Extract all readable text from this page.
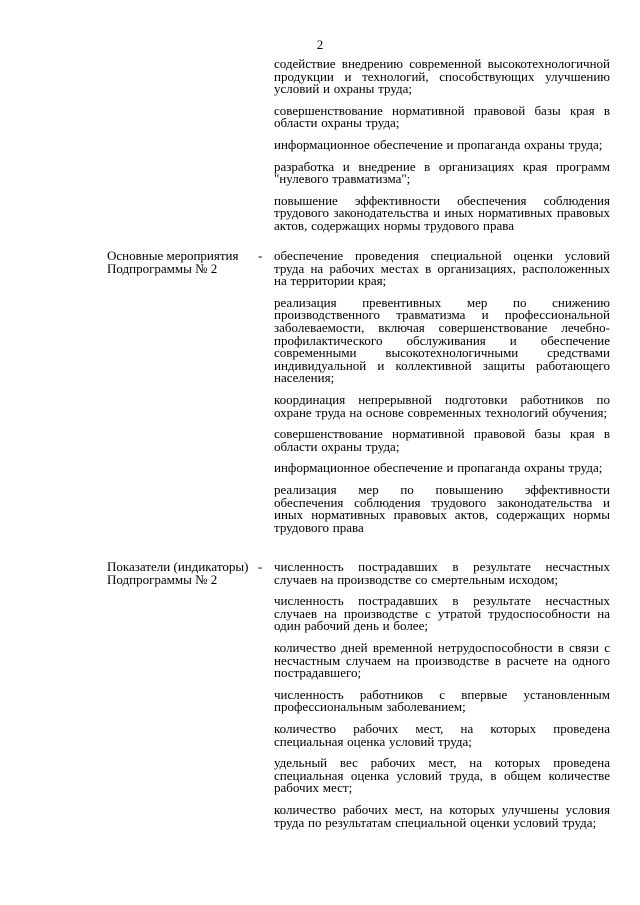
2

содействие внедрению современной высокотехнологичной продукции и технологий, способствующих улучшению условий и охраны труда;

совершенствование нормативной правовой базы края в области охраны труда;

информационное обеспечение и пропаганда охраны труда;

разработка и внедрение в организациях края программ "нулевого травматизма";

повышение эффективности обеспечения соблюдения трудового законодательства и иных нормативных правовых актов, содержащих нормы трудового права

Основные мероприятия Подпрограммы № 2
- обеспечение проведения специальной оценки условий труда на рабочих местах в организациях, расположенных на территории края;

реализация превентивных мер по снижению производственного травматизма и профессиональной заболеваемости, включая совершенствование лечебно-профилактического обслуживания и обеспечение современными высокотехнологичными средствами индивидуальной и коллективной защиты работающего населения;

координация непрерывной подготовки работников по охране труда на основе современных технологий обучения;

совершенствование нормативной правовой базы края в области охраны труда;

информационное обеспечение и пропаганда охраны труда;

реализация мер по повышению эффективности обеспечения соблюдения трудового законодательства и иных нормативных правовых актов, содержащих нормы трудового права

Показатели (индикаторы) Подпрограммы № 2
- численность пострадавших в результате несчастных случаев на производстве со смертельным исходом;

численность пострадавших в результате несчастных случаев на производстве с утратой трудоспособности на один рабочий день и более;

количество дней временной нетрудоспособности в связи с несчастным случаем на производстве в расчете на одного пострадавшего;

численность работников с впервые установленным профессиональным заболеванием;

количество рабочих мест, на которых проведена специальная оценка условий труда;

удельный вес рабочих мест, на которых проведена специальная оценка условий труда, в общем количестве рабочих мест;

количество рабочих мест, на которых улучшены условия труда по результатам специальной оценки условий труда;
